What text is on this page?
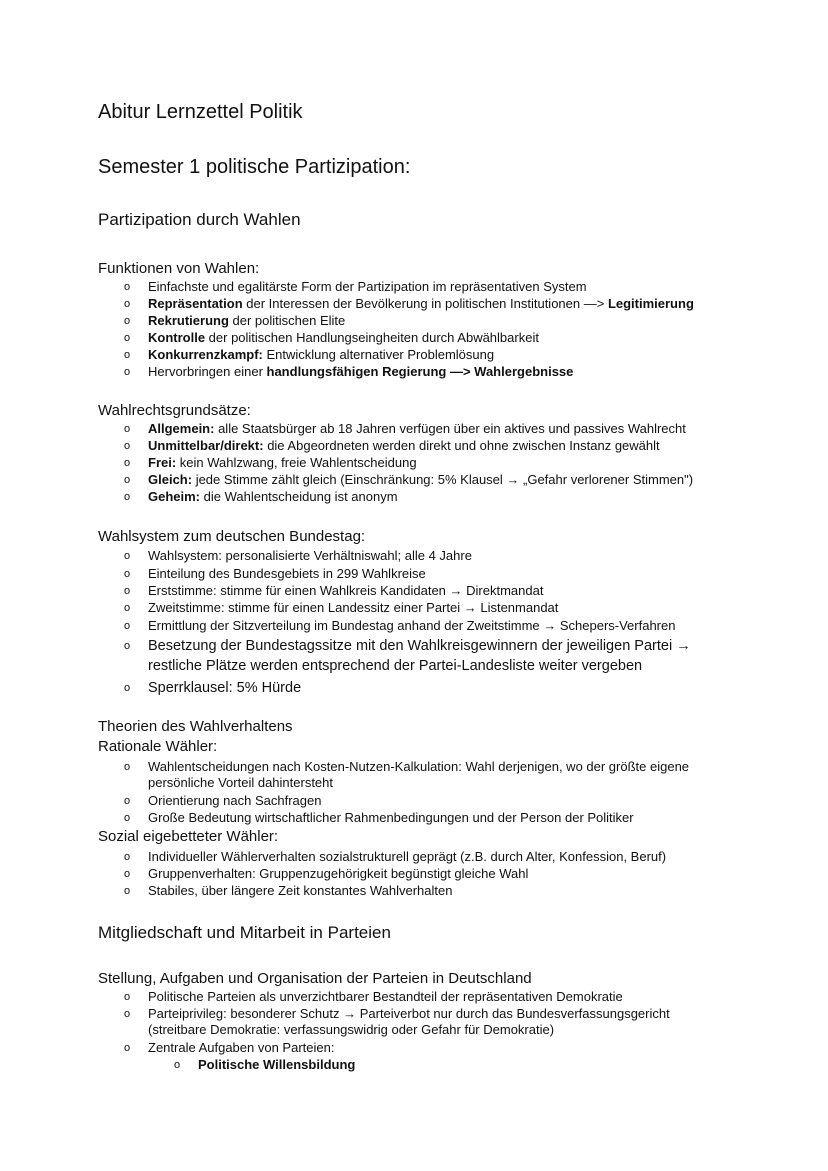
Abitur Lernzettel Politik
Semester 1 politische Partizipation:
Partizipation durch Wahlen
Funktionen von Wahlen:
o	Einfachste und egalitärste Form der Partizipation im repräsentativen System
o	Repräsentation der Interessen der Bevölkerung in politischen Institutionen —> Legitimierung
o	Rekrutierung der politischen Elite
o	Kontrolle der politischen Handlungseingheiten durch Abwählbarkeit
o	Konkurrenzkampf: Entwicklung alternativer Problemlösung
o	Hervorbringen einer handlungsfähigen Regierung —> Wahlergebnisse
Wahlrechtsgrundsätze:
o	Allgemein: alle Staatsbürger ab 18 Jahren verfügen über ein aktives und passives Wahlrecht
o	Unmittelbar/direkt: die Abgeordneten werden direkt und ohne zwischen Instanz gewählt
o	Frei: kein Wahlzwang, freie Wahlentscheidung
o	Gleich: jede Stimme zählt gleich (Einschränkung: 5% Klausel → „Gefahr verlorener Stimmen")
o	Geheim: die Wahlentscheidung ist anonym
Wahlsystem zum deutschen Bundestag:
o	Wahlsystem: personalisierte Verhältniswahl; alle 4 Jahre
o	Einteilung des Bundesgebiets in 299 Wahlkreise
o	Erststimme: stimme für einen Wahlkreis Kandidaten → Direktmandat
o	Zweitstimme: stimme für einen Landessitz einer Partei → Listenmandat
o	Ermittlung der Sitzverteilung im Bundestag anhand der Zweitstimme → Schepers-Verfahren
o	Besetzung der Bundestagssitze mit den Wahlkreisgewinnern der jeweiligen Partei → restliche Plätze werden entsprechend der Partei-Landesliste weiter vergeben
o	Sperrklausel: 5% Hürde
Theorien des Wahlverhaltens
Rationale Wähler:
o	Wahlentscheidungen nach Kosten-Nutzen-Kalkulation: Wahl derjenigen, wo der größte eigene persönliche Vorteil dahintersteht
o	Orientierung nach Sachfragen
o	Große Bedeutung wirtschaftlicher Rahmenbedingungen und der Person der Politiker
Sozial eigebetteter Wähler:
o	Individueller Wählerverhalten sozialstrukturell geprägt (z.B. durch Alter, Konfession, Beruf)
o	Gruppenverhalten: Gruppenzugehörigkeit begünstigt gleiche Wahl
o	Stabiles, über längere Zeit konstantes Wahlverhalten
Mitgliedschaft und Mitarbeit in Parteien
Stellung, Aufgaben und Organisation der Parteien in Deutschland
o	Politische Parteien als unverzichtbarer Bestandteil der repräsentativen Demokratie
o	Parteiprivileg: besonderer Schutz → Parteiverbot nur durch das Bundesverfassungsgericht (streitbare Demokratie: verfassungswidrig oder Gefahr für Demokratie)
o	Zentrale Aufgaben von Parteien:
o	Politische Willensbildung
